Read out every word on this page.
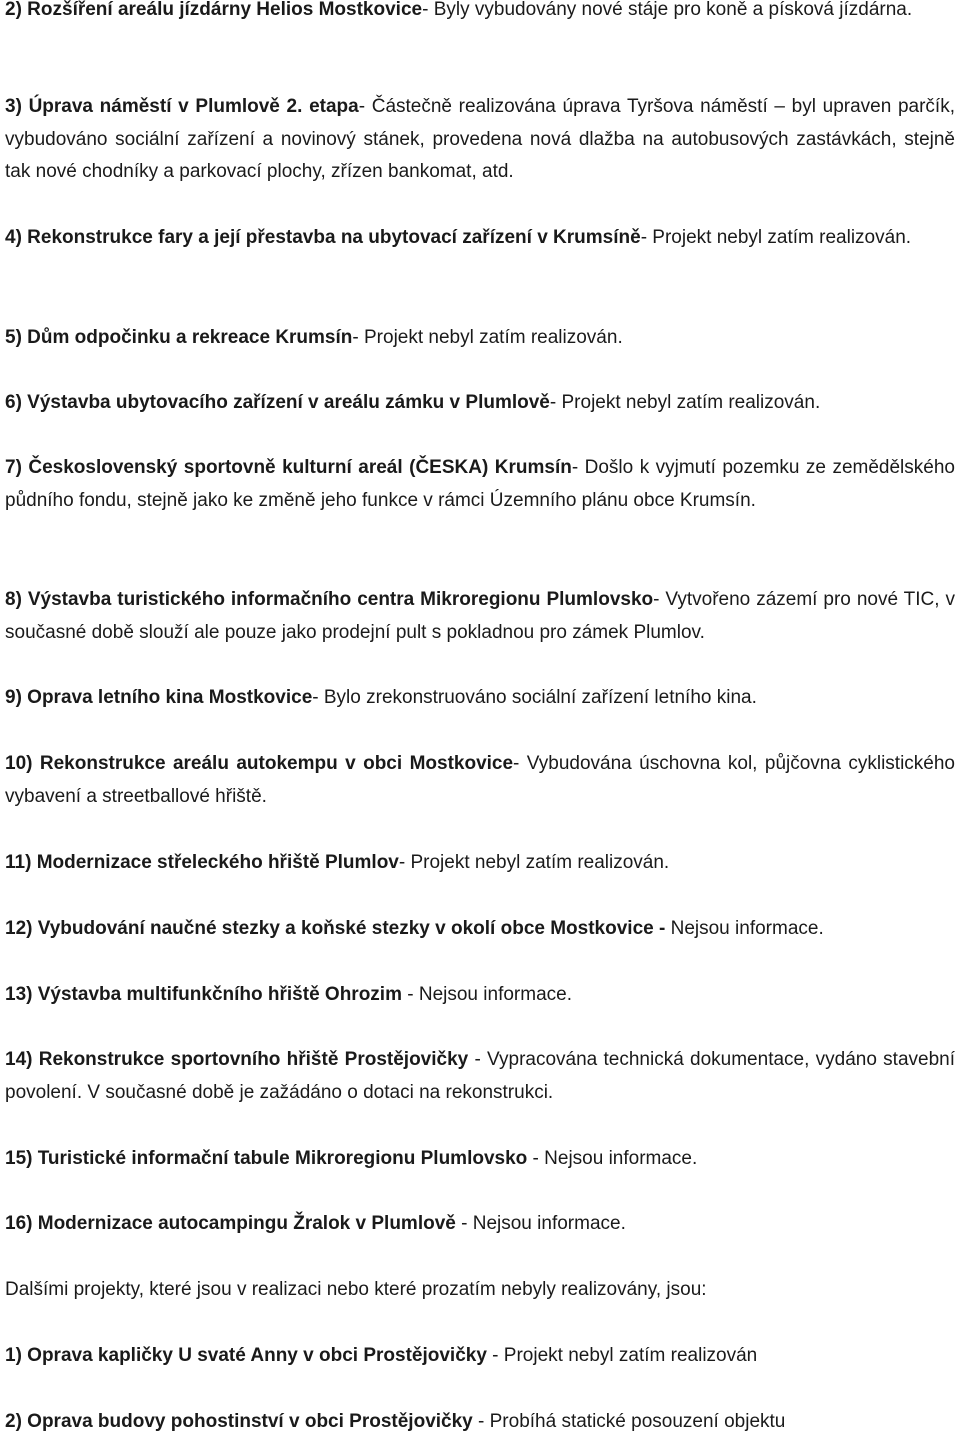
2) Rozšíření areálu jízdárny Helios Mostkovice- Byly vybudovány nové stáje pro koně a písková jízdárna.

3) Úprava náměstí v Plumlově 2. etapa- Částečně realizována úprava Tyršova náměstí – byl upraven parčík, vybudováno sociální zařízení a novinový stánek, provedena nová dlažba na autobusových zastávkách, stejně tak nové chodníky a parkovací plochy, zřízen bankomat, atd.

4) Rekonstrukce fary a její přestavba na ubytovací zařízení v Krumsíně- Projekt nebyl zatím realizován.

5) Dům odpočinku a rekreace Krumsín- Projekt nebyl zatím realizován.

6) Výstavba ubytovacího zařízení v areálu zámku v Plumlově- Projekt nebyl zatím realizován.

7) Československý sportovně kulturní areál (ČESKA) Krumsín- Došlo k vyjmutí pozemku ze zemědělského půdního fondu, stejně jako ke změně jeho funkce v rámci Územního plánu obce Krumsín.

8) Výstavba turistického informačního centra Mikroregionu Plumlovsko- Vytvořeno zázemí pro nové TIC, v současné době slouží ale pouze jako prodejní pult s pokladnou pro zámek Plumlov.

9) Oprava letního kina Mostkovice- Bylo zrekonstruováno sociální zařízení letního kina.

10) Rekonstrukce areálu autokempu v obci Mostkovice- Vybudována úschovna kol, půjčovna cyklistického vybavení a streetballové hřiště.

11) Modernizace střeleckého hřiště Plumlov- Projekt nebyl zatím realizován.

12) Vybudování naučné stezky a koňské stezky v okolí obce Mostkovice - Nejsou informace.

13) Výstavba multifunkčního hřiště Ohrozim - Nejsou informace.

14) Rekonstrukce sportovního hřiště Prostějovičky - Vypracována technická dokumentace, vydáno stavební povolení. V současné době je zažádáno o dotaci na rekonstrukci.

15) Turistické informační tabule Mikroregionu Plumlovsko - Nejsou informace.

16) Modernizace autocampingu Žralok v Plumlově - Nejsou informace.

Dalšími projekty, které jsou v realizaci nebo které prozatím nebyly realizovány, jsou:

1) Oprava kapličky U svaté Anny v obci Prostějovičky - Projekt nebyl zatím realizován

2) Oprava budovy pohostinství v obci Prostějovičky - Probíhá statické posouzení objektu
